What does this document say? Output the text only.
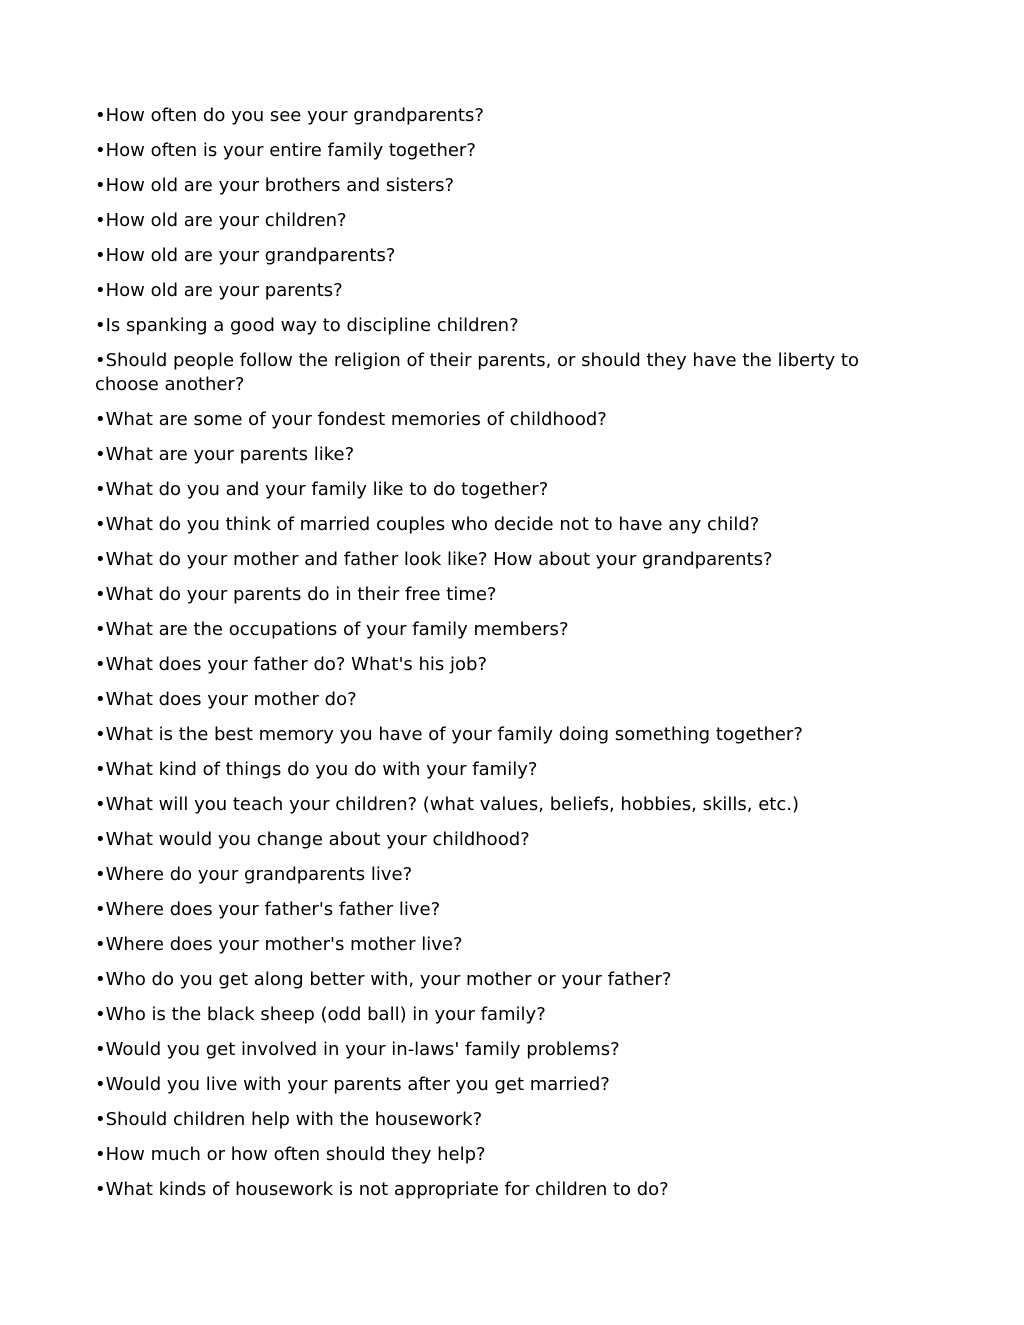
•How often do you see your grandparents?
•How often is your entire family together?
•How old are your brothers and sisters?
•How old are your children?
•How old are your grandparents?
•How old are your parents?
•Is spanking a good way to discipline children?
•Should people follow the religion of their parents, or should they have the liberty to choose another?
•What are some of your fondest memories of childhood?
•What are your parents like?
•What do you and your family like to do together?
•What do you think of married couples who decide not to have any child?
•What do your mother and father look like? How about your grandparents?
•What do your parents do in their free time?
•What are the occupations of your family members?
•What does your father do? What's his job?
•What does your mother do?
•What is the best memory you have of your family doing something together?
•What kind of things do you do with your family?
•What will you teach your children? (what values, beliefs, hobbies, skills, etc.)
•What would you change about your childhood?
•Where do your grandparents live?
•Where does your father's father live?
•Where does your mother's mother live?
•Who do you get along better with, your mother or your father?
•Who is the black sheep (odd ball) in your family?
•Would you get involved in your in-laws' family problems?
•Would you live with your parents after you get married?
•Should children help with the housework?
•How much or how often should they help?
•What kinds of housework is not appropriate for children to do?
